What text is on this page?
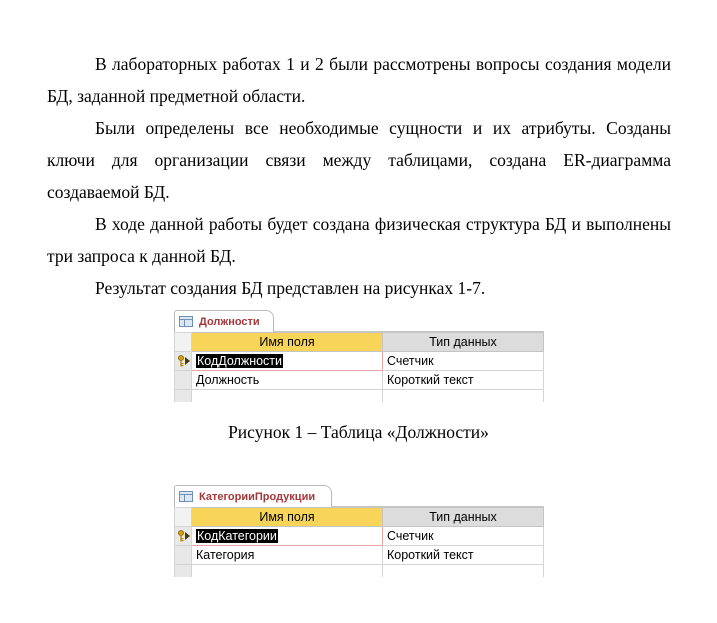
В лабораторных работах 1 и 2 были рассмотрены вопросы создания модели БД, заданной предметной области.

Были определены все необходимые сущности и их атрибуты. Созданы ключи для организации связи между таблицами, создана ER-диаграмма создаваемой БД.

В ходе данной работы будет создана физическая структура БД и выполнены три запроса к данной БД.

Результат создания БД представлен на рисунках 1-7.

Должности
	Имя поля	Тип данных

	КодДолжности	Счетчик
	Должность	Короткий текст

Рисунок 1 – Таблица «Должности»

КатегорииПродукции
	Имя поля	Тип данных

	КодКатегории	Счетчик
	Категория	Короткий текст
